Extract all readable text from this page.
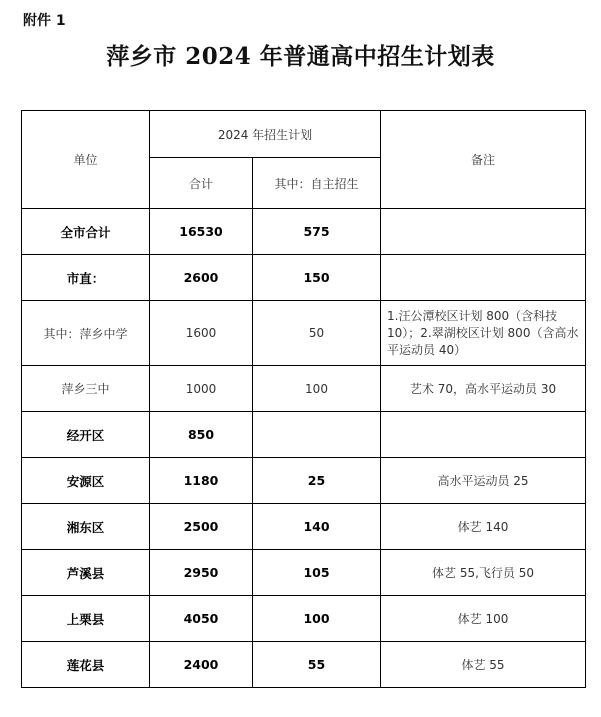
附件 1
萍乡市 2024 年普通高中招生计划表
单位	2024 年招生计划		备注
	合计	其中：自主招生	
全市合计	16530	575	
市直：	2600	150	
其中：萍乡中学	1600	50	1.汪公潭校区计划 800（含科技 10）；2.翠湖校区计划 800（含高水平运动员 40）
萍乡三中	1000	100	艺术 70，高水平运动员 30
经开区	850		
安源区	1180	25	高水平运动员 25
湘东区	2500	140	体艺 140
芦溪县	2950	105	体艺 55,飞行员 50
上栗县	4050	100	体艺 100
莲花县	2400	55	体艺 55
